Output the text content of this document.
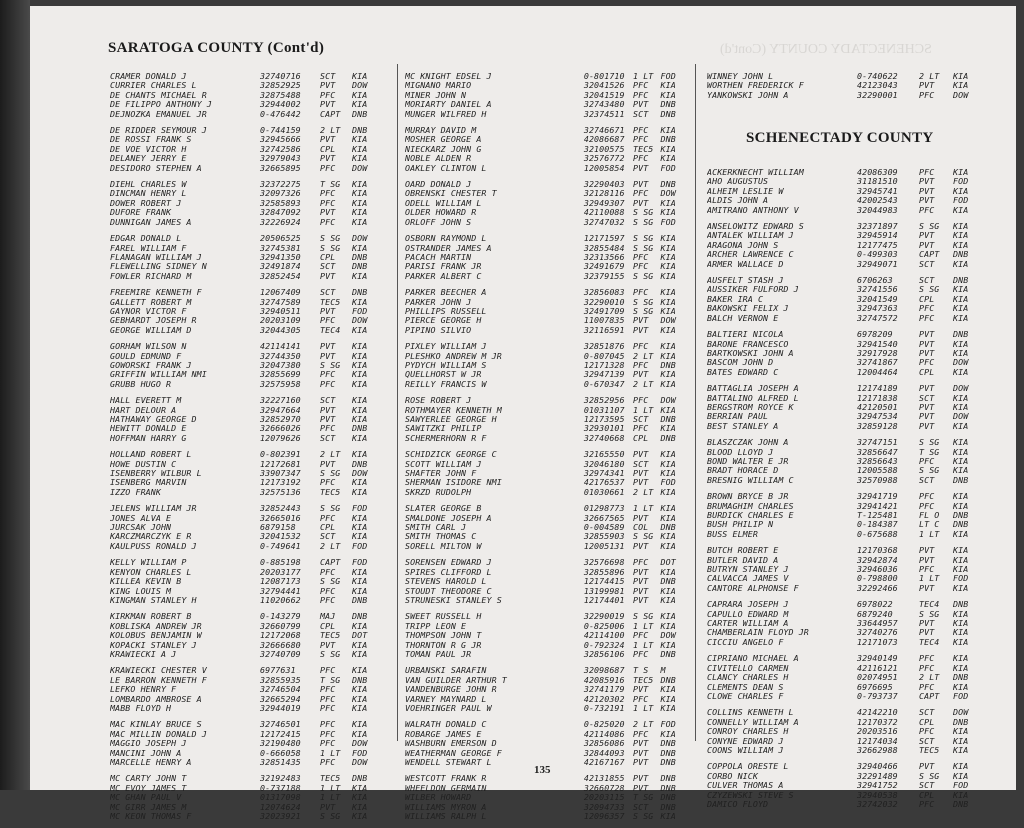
SCHENECTADY COUNTY (Cont'd)
SARATOGA COUNTY (Cont'd)
CRAMER DONALD J	32740716	SCT	KIA
CURRIER CHARLES L	32852925	PVT	DOW
DE CHANTS MICHAEL R	32875488	PFC	KIA
DE FILIPPO ANTHONY J	32944002	PVT	KIA
DEJNOZKA EMANUEL JR	0-476442	CAPT	DNB
DE RIDDER SEYMOUR J	0-744159	2 LT	DNB
DE ROSSI FRANK S	32945666	PVT	KIA
DE VOE VICTOR H	32742586	CPL	KIA
DELANEY JERRY E	32979043	PVT	KIA
DESIDORO STEPHEN A	32665895	PFC	DOW
DIEHL CHARLES W	32372275	T SG	KIA
DINCMAN HENRY L	32097326	PFC	KIA
DOWER ROBERT J	32585893	PFC	KIA
DUFORE FRANK	32847092	PVT	KIA
DUNNIGAN JAMES A	32226924	PFC	KIA
EDGAR DONALD L	20506525	S SG	DOW
FAREL WILLIAM F	32745381	S SG	KIA
FLANAGAN WILLIAM J	32941350	CPL	DNB
FLEWELLING SIDNEY N	32491874	SCT	DNB
FOWLER RICHARD M	32852454	PVT	KIA
FREEMIRE KENNETH F	12067409	SCT	DNB
GALLETT ROBERT M	32747589	TEC5	KIA
GAYNOR VICTOR F	32940511	PVT	FOD
GEBHARDT JOSEPH R	20203109	PFC	DOW
GEORGE WILLIAM D	32044305	TEC4	KIA
GORHAM WILSON N	42114141	PVT	KIA
GOULD EDMUND F	32744350	PVT	KIA
GOWORSKI FRANK J	32047380	S SG	KIA
GRIFFIN WILLIAM NMI	32855699	PFC	KIA
GRUBB HUGO R	32575958	PFC	KIA
HALL EVERETT M	32227160	SCT	KIA
HART DELOUR A	32947664	PVT	KIA
HATHAWAY GEORGE D	32852970	PVT	KIA
HEWITT DONALD E	32666026	PFC	DNB
HOFFMAN HARRY G	12079626	SCT	KIA
HOLLAND ROBERT L	0-802391	2 LT	KIA
HOWE DUSTIN C	12172681	PVT	DNB
ISENBERRY WILBUR L	33907347	S SG	DOW
ISENBERG MARVIN	12173192	PFC	KIA
IZZO FRANK	32575136	TEC5	KIA
JELENS WILLIAM JR	32852443	S SG	FOD
JONES ALVA E	32665016	PFC	KIA
JURCSAK JOHN	6879158	CPL	KIA
KARCZMARCZYK E R	32041532	SCT	KIA
KAULPUSS RONALD J	0-749641	2 LT	FOD
KELLY WILLIAM P	0-885198	CAPT	FOD
KENYON CHARLES L	20203177	PFC	KIA
KILLEA KEVIN B	12087173	S SG	KIA
KING LOUIS M	32794441	PFC	KIA
KINGMAN STANLEY H	11020662	PFC	DNB
KIRKMAN ROBERT B	0-143279	MAJ	DNB
KOBLISKA ANDREW JR	32660799	CPL	KIA
KOLOBUS BENJAMIN W	12172068	TEC5	DOT
KOPACKI STANLEY J	32666680	PVT	KIA
KRAWIECKI A J	32740709	S SG	KIA
KRAWIECKI CHESTER V	6977631	PFC	KIA
LE BARRON KENNETH F	32855935	T SG	DNB
LEFKO HENRY F	32746504	PFC	KIA
LOMBARDO AMBROSE A	32665294	PFC	KIA
MABB FLOYD H	32944019	PFC	KIA
MAC KINLAY BRUCE S	32746501	PFC	KIA
MAC MILLIN DONALD J	12172415	PFC	KIA
MAGGIO JOSEPH J	32190480	PFC	DOW
MANCINI JOHN A	0-666058	1 LT	FOD
MARCELLE HENRY A	32851435	PFC	DOW
MC CARTY JOHN T	32192483	TEC5	DNB
MC EVOY JAMES T	0-737188	1 LT	KIA
MC GHAN PAUL V	01317098	1 LT	KIA
MC GIRR JAMES M	12074624	PVT	KIA
MC KEON THOMAS F	32023921	S SG	KIA
MC KNIGHT EDSEL J	0-801710	1 LT FOD
MIGNANO MARIO	32041526	PFC	KIA
MINER JOHN N	32041519	PFC	KIA
MORIARTY DANIEL A	32743480	PVT	DNB
MUNGER WILFRED H	32374511	SCT	DNB
MURRAY DAVID M	32746671	PFC	KIA
MOSHER GEORGE A	42086687	PFC	DNB
NIECKARZ JOHN G	32100575	TEC5 KIA
NOBLE ALDEN R	32576772	PFC	KIA
OAKLEY CLINTON L	12005854	PVT	FOD
OARD DONALD J	32290403	PVT	DNB
OBRENSKI CHESTER T	32128116	PFC	DOW
ODELL WILLIAM L	32949307	PVT	KIA
OLDER HOWARD R	42110088	S SG KIA
ORLOFF JOHN S	32747032	S SG FOD
OSBORN RAYMOND L	12171597	S SG KIA
OSTRANDER JAMES A	32855484	S SG KIA
PACACH MARTIN	32313566	PFC	KIA
PARISI FRANK JR	32491679	PFC	KIA
PARKER ALBERT C	32379155	S SG KIA
PARKER BEECHER A	32856083	PFC	KIA
PARKER JOHN J	32290010	S SG KIA
PHILLIPS RUSSELL	32491709	S SG KIA
PIERCE GEORGE H	11007835	PVT	DOW
PIPINO SILVIO	32116591	PVT	KIA
PIXLEY WILLIAM J	32851876	PFC	KIA
PLESHKO ANDREW M JR	0-807045	2 LT KIA
PYDYCH WILLIAM S	12171328	PFC	DNB
QUELLHORST W JR	32947139	PVT	KIA
REILLY FRANCIS W	0-670347	2 LT KIA
ROSE ROBERT J	32852956	PFC	DOW
ROTHMAYER KENNETH M	01031107	1 LT KIA
SAWYERLEE GEORGE H	12173595	SCT	DNB
SAWITZKI PHILIP	32930101	PFC	KIA
SCHERMERHORN R F	32740668	CPL	DNB
SCHIDZICK GEORGE C	32165550	PVT	KIA
SCOTT WILLIAM J	32046180	SCT	KIA
SHAFTER JOHN F	32974341	PVT	KIA
SHERMAN ISIDORE NMI	42176537	PVT	FOD
SKRZD RUDOLPH	01030661	2 LT KIA
SLATER GEORGE B	01298773	1 LT KIA
SMALDONE JOSEPH A	32667565	PVT	KIA
SMITH CARL J	0-004589	COL	DNB
SMITH THOMAS C	32855903	S SG KIA
SORELL MILTON W	12005131	PVT	KIA
SORENSEN EDWARD J	32576698	PFC	DOT
SPIRES CLIFFORD L	32855896	PVT	KIA
STEVENS HAROLD L	12174415	PVT	DNB
STOUDT THEODORE C	13199981	PVT	KIA
STRUNESKI STANLEY S	12174401	PVT	KIA
SWEET RUSSELL H	32290019	S SG KIA
TRIPP LEON E	0-825006	1 LT KIA
THOMPSON JOHN T	42114100	PFC	DOW
THORNTON R G JR	0-792324	1 LT KIA
TOMAN PAUL JR	32856106	PFC	DNB
URBANSKI SARAFIN	32098687	T S	M
VAN GUILDER ARTHUR T	42085916	TEC5 DNB
VANDENBURGE JOHN R	32741179	PVT	KIA
VARNEY MAYNARD L	42120302	PFC	KIA
VOEHRINGER PAUL W	0-732191	1 LT KIA
WALRATH DONALD C	0-825020	2 LT FOD
ROBARGE JAMES E	42114086	PFC	KIA
WASHBURN EMERSON D	32856086	PVT	DNB
WEATHERMAN GEORGE F	32844093	PVT	DNB
WENDELL STEWART L	42167167	PVT	DNB
WESTCOTT FRANK R	42131855	PVT	DNB
WHEELDON GERMAIN	32660728	PVT	DNB
WILBER HOWARD	20203115	T SG DNB
WILLIAMS MYRON A	32094733	SCT	DNB
WILLIAMS RALPH L	12096357	S SG KIA
WINNEY JOHN L	0-740622	2 LT	KIA
WORTHEN FREDERICK F	42123043	PVT	KIA
YANKOWSKI JOHN A	32290001	PFC	DOW
SCHENECTADY COUNTY
ACKERKNECHT WILLIAM	42086309	PFC	KIA
AHO AUGUSTUS	31181510	PVT	FOD
ALHEIM LESLIE W	32945741	PVT	KIA
ALDIS JOHN A	42002543	PVT	FOD
AMITRANO ANTHONY V	32044983	PFC	KIA
ANSELOWITZ EDWARD S	32371897	S SG	KIA
ANTALEK WILLIAM J	32945914	PVT	KIA
ARAGONA JOHN S	12177475	PVT	KIA
ARCHER LAWRENCE C	0-499303	CAPT	DNB
ARMER WALLACE D	32949071	SCT	KIA
AUSFELT STASH J	6706263	SCT	DNB
AUSSIKER FULFORD J	32741556	S SG	KIA
BAKER IRA C	32041549	CPL	KIA
BAKOWSKI FELIX J	32947363	PFC	KIA
BALCH VERNON E	32747572	PFC	KIA
BALTIERI NICOLA	6978209	PVT	DNB
BARONE FRANCESCO	32941540	PVT	KIA
BARTKOWSKI JOHN A	32917928	PVT	KIA
BASCOM JOHN D	32741867	PFC	DOW
BATES EDWARD C	12004464	CPL	KIA
BATTAGLIA JOSEPH A	12174189	PVT	DOW
BATTALINO ALFRED L	12171838	SCT	KIA
BERGSTROM ROYCE K	42120501	PVT	KIA
BERRIAN PAUL	32947534	PVT	DOW
BEST STANLEY A	32859128	PVT	KIA
BLASZCZAK JOHN A	32747151	S SG	KIA
BLOOD LLOYD J	32856647	T SG	KIA
BOND WALTER E JR	32856643	PFC	KIA
BRADT HORACE D	12005588	S SG	KIA
BRESNIG WILLIAM C	32570988	SCT	DNB
BROWN BRYCE B JR	32941719	PFC	KIA
BRUMAGHIM CHARLES	32941421	PFC	KIA
BURDICK CHARLES E	T-125481	FL O	DNB
BUSH PHILIP N	0-184387	LT C	DNB
BUSS ELMER	0-675688	1 LT	KIA
BUTCH ROBERT E	12170368	PVT	KIA
BUTLER DAVID A	32942874	PVT	KIA
BUTRYN STANLEY J	32946036	PFC	KIA
CALVACCA JAMES V	0-798800	1 LT	FOD
CANTORE ALPHONSE F	32292466	PVT	KIA
CAPRARA JOSEPH J	6978022	TEC4	DNB
CAPULLO EDWARD M	6879240	S SG	KIA
CARTER WILLIAM A	33644957	PVT	KIA
CHAMBERLAIN FLOYD JR	32740276	PVT	KIA
CICCIU ANGELO F	12171073	TEC4	KIA
CIPRIANO MICHAEL A	32940149	PFC	KIA
CIVITELLO CARMEN	42116121	PFC	KIA
CLANCY CHARLES H	02074951	2 LT	DNB
CLEMENTS DEAN S	6976695	PFC	KIA
CLOWE CHARLES F	0-793737	CAPT	FOD
COLLINS KENNETH L	42142210	SCT	DOW
CONNELLY WILLIAM A	12170372	CPL	DNB
CONROY CHARLES H	20203516	PFC	KIA
CONYNE EDWARD J	12174034	SCT	KIA
COONS WILLIAM J	32662988	TEC5	KIA
COPPOLA ORESTE L	32940466	PVT	KIA
CORBO NICK	32291489	S SG	KIA
CULVER THOMAS A	32941752	SCT	FOD
CZYZEWSKI STEVE S	32940538	CPL	KIA
DAMICO FLOYD	32742032	PFC	DNB
135
